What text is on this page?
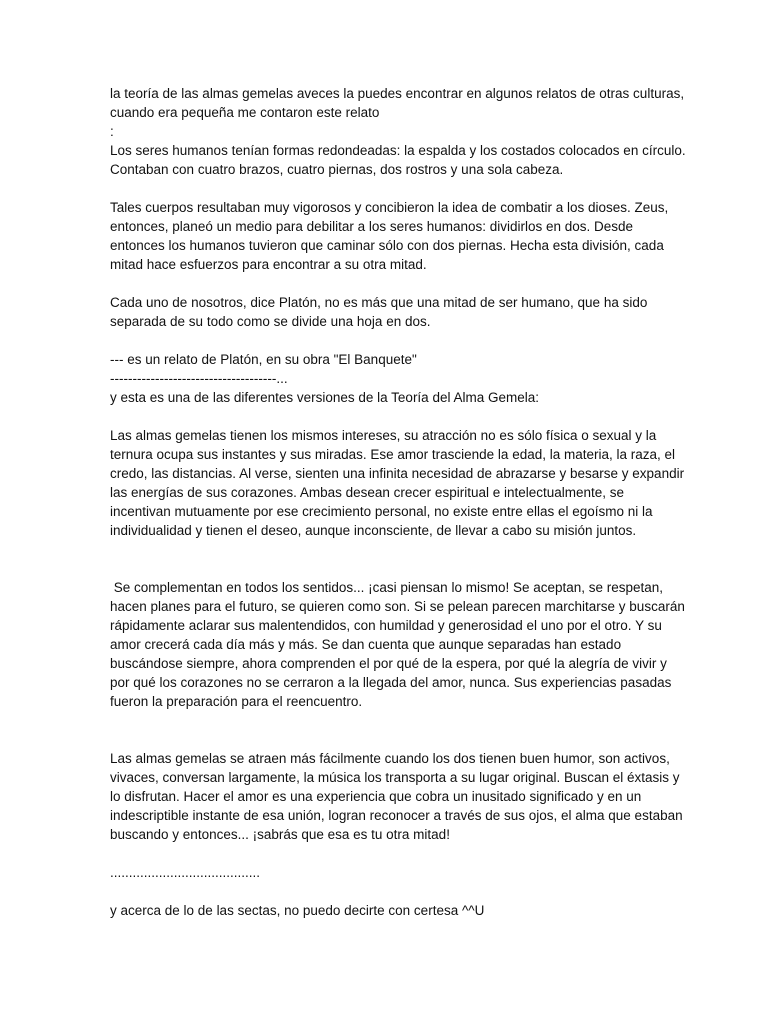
la teoría de las almas gemelas aveces la puedes encontrar en algunos relatos de otras culturas,
cuando era pequeña me contaron este relato
:
Los seres humanos tenían formas redondeadas: la espalda y los costados colocados en círculo.
Contaban con cuatro brazos, cuatro piernas, dos rostros y una sola cabeza.
Tales cuerpos resultaban muy vigorosos y concibieron la idea de combatir a los dioses. Zeus,
entonces, planeó un medio para debilitar a los seres humanos: dividirlos en dos. Desde
entonces los humanos tuvieron que caminar sólo con dos piernas. Hecha esta división, cada
mitad hace esfuerzos para encontrar a su otra mitad.
Cada uno de nosotros, dice Platón, no es más que una mitad de ser humano, que ha sido
separada de su todo como se divide una hoja en dos.
--- es un relato de Platón, en su obra "El Banquete"
-------------------------------------...
y esta es una de las diferentes versiones de la Teoría del Alma Gemela:
Las almas gemelas tienen los mismos intereses, su atracción no es sólo física o sexual y la
ternura ocupa sus instantes y sus miradas. Ese amor trasciende la edad, la materia, la raza, el
credo, las distancias. Al verse, sienten una infinita necesidad de abrazarse y besarse y expandir
las energías de sus corazones. Ambas desean crecer espiritual e intelectualmente, se
incentivan mutuamente por ese crecimiento personal, no existe entre ellas el egoísmo ni la
individualidad y tienen el deseo, aunque inconsciente, de llevar a cabo su misión juntos.
Se complementan en todos los sentidos... ¡casi piensan lo mismo! Se aceptan, se respetan,
hacen planes para el futuro, se quieren como son. Si se pelean parecen marchitarse y buscarán
rápidamente aclarar sus malentendidos, con humildad y generosidad el uno por el otro. Y su
amor crecerá cada día más y más. Se dan cuenta que aunque separadas han estado
buscándose siempre, ahora comprenden el por qué de la espera, por qué la alegría de vivir y
por qué los corazones no se cerraron a la llegada del amor, nunca. Sus experiencias pasadas
fueron la preparación para el reencuentro.
Las almas gemelas se atraen más fácilmente cuando los dos tienen buen humor, son activos,
vivaces, conversan largamente, la música los transporta a su lugar original. Buscan el éxtasis y
lo disfrutan. Hacer el amor es una experiencia que cobra un inusitado significado y en un
indescriptible instante de esa unión, logran reconocer a través de sus ojos, el alma que estaban
buscando y entonces... ¡sabrás que esa es tu otra mitad!
........................................
y acerca de lo de las sectas, no puedo decirte con certesa ^^U
